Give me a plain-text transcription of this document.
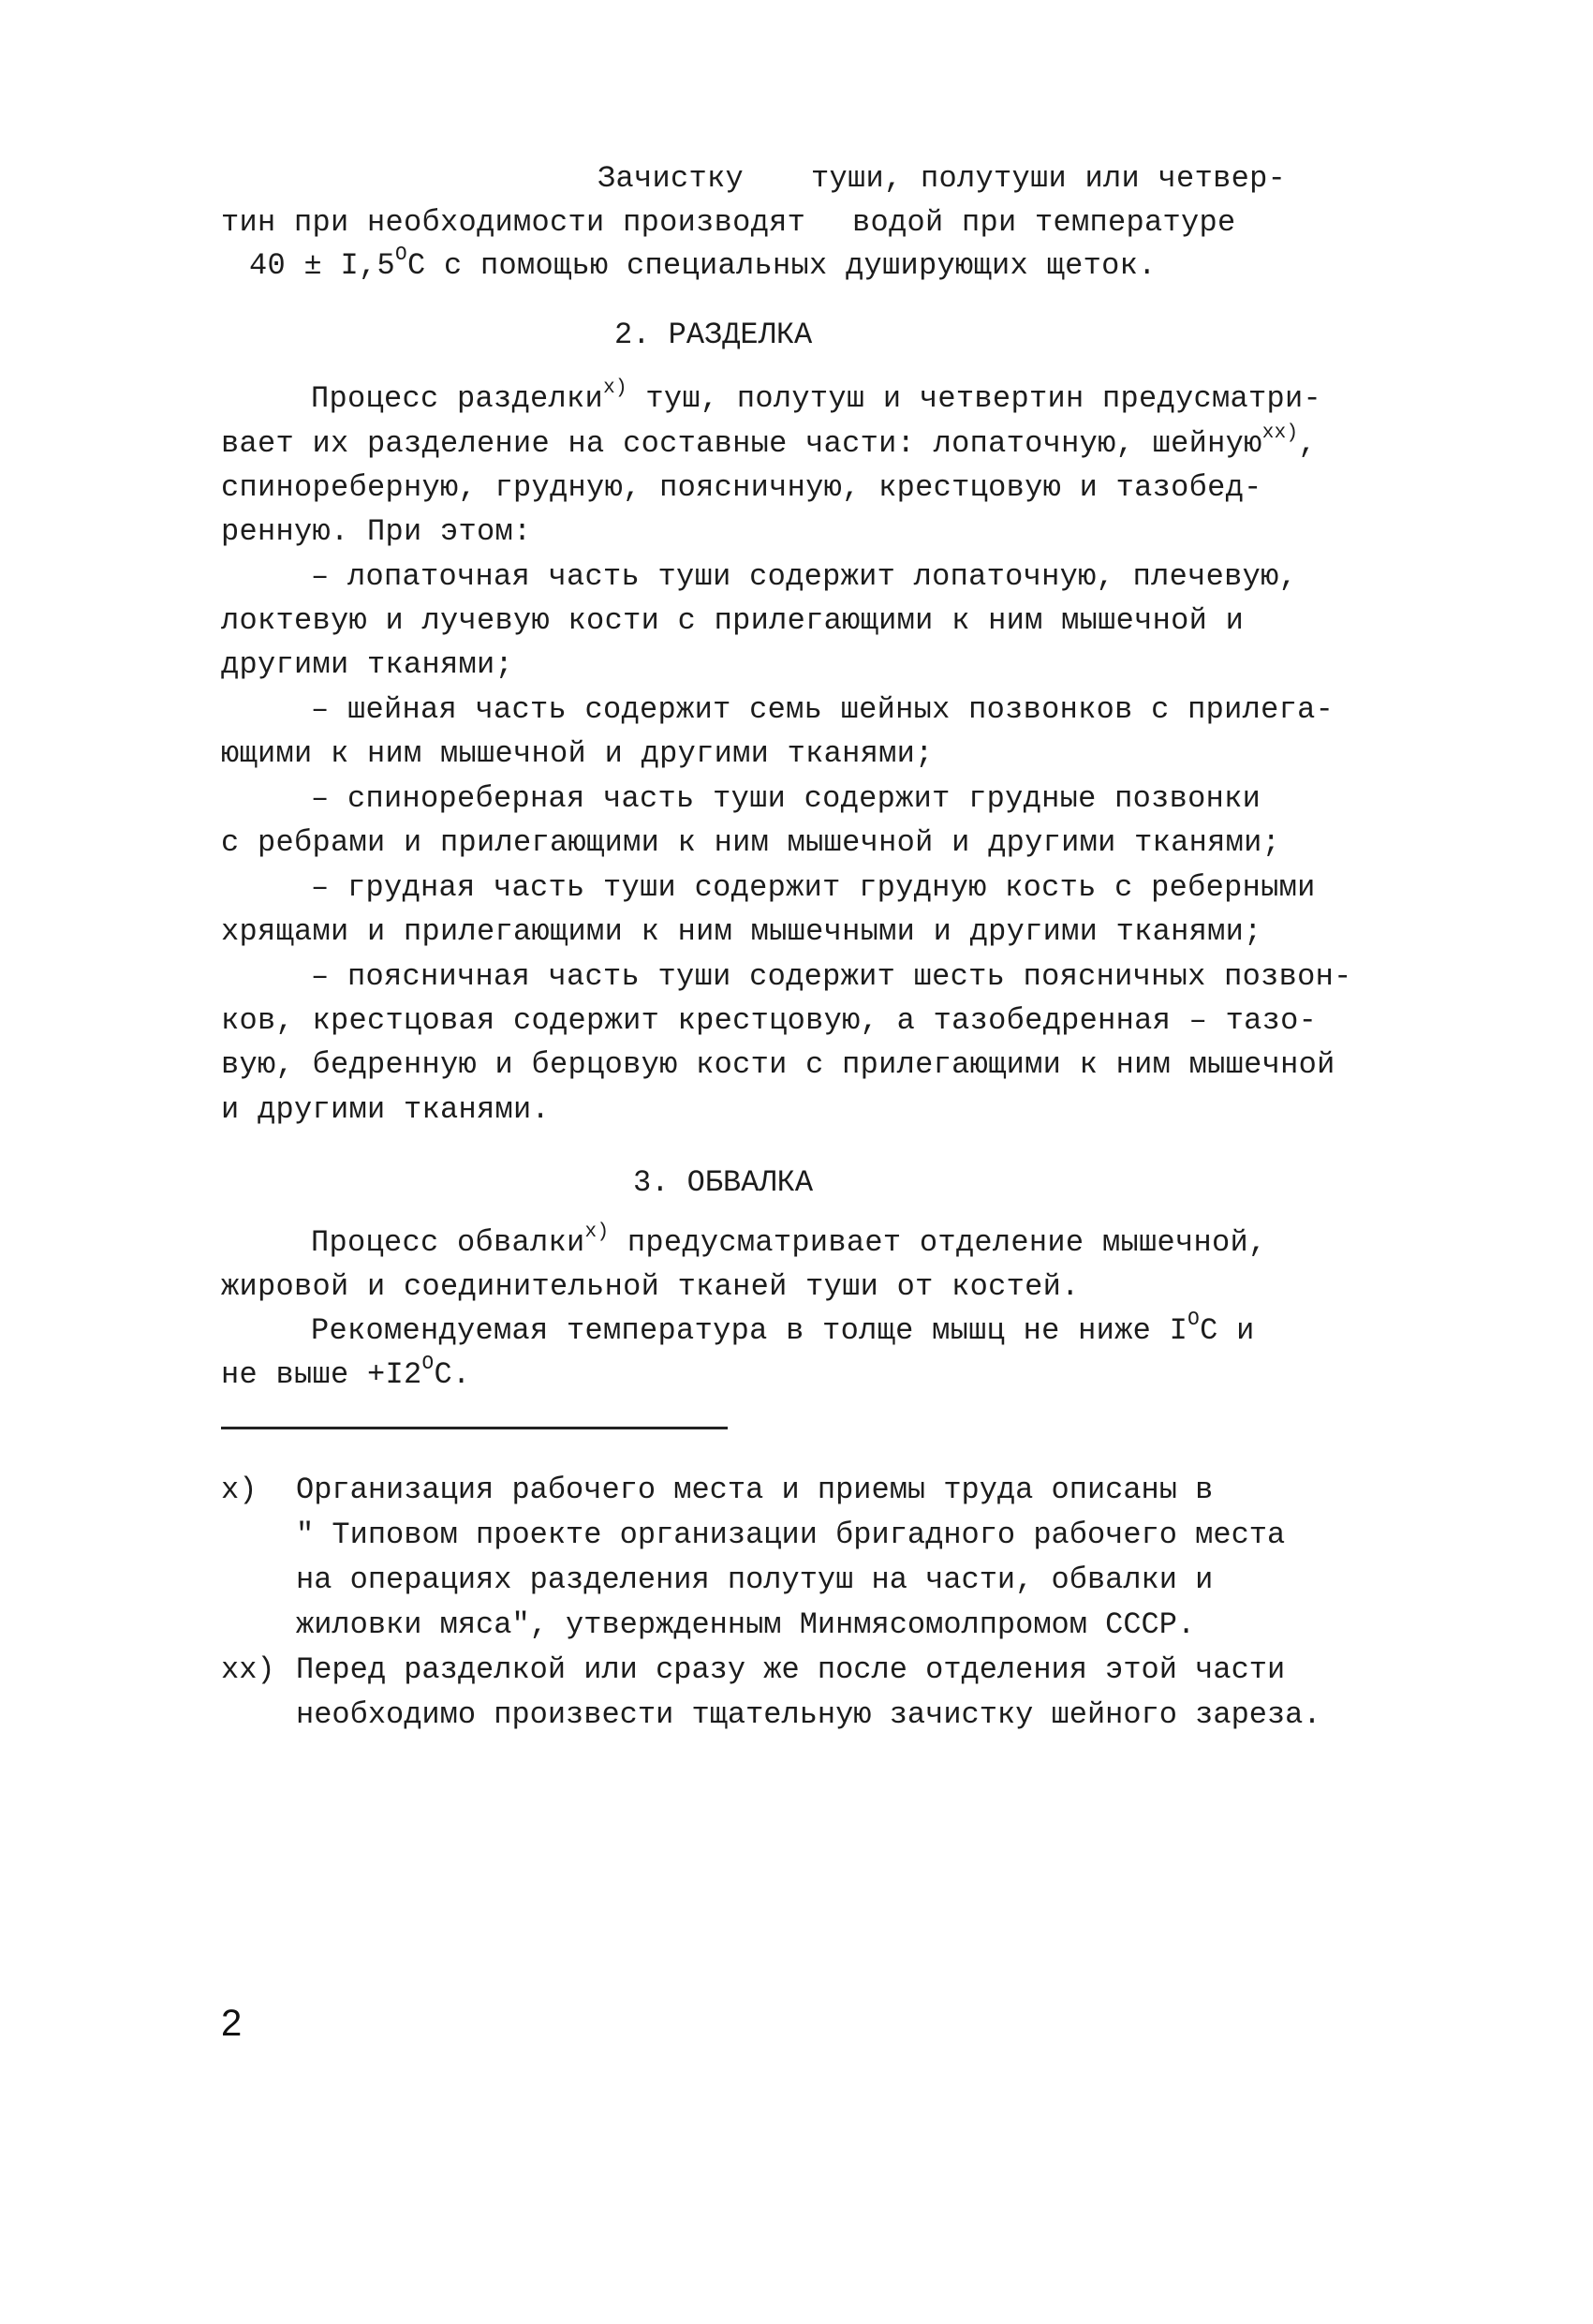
Зачистку туши, полутуши или четвер-
тин при необходимости производят водой при температуре
$40 \pm I,5^ОС$ с помощью специальных душирующих щеток.
2. РАЗДЕЛКА
Процесс разделки$^{х)}$ туш, полутуш и четвертин предусматри-
вает их разделение на составные части: лопаточную, шейную$^{хх)}$,
спинореберную, грудную, поясничную, крестцовую и тазобед-
ренную. При этом:
– лопаточная часть туши содержит лопаточную, плечевую,
локтевую и лучевую кости с прилегающими к ним мышечной и
другими тканями;
– шейная часть содержит семь шейных позвонков с прилега-
ющими к ним мышечной и другими тканями;
– спинореберная часть туши содержит грудные позвонки
с ребрами и прилегающими к ним мышечной и другими тканями;
– грудная часть туши содержит грудную кость с реберными
хрящами и прилегающими к ним мышечными и другими тканями;
– поясничная часть туши содержит шесть поясничных позвон-
ков, крестцовая содержит крестцовую, а тазобедренная – тазо-
вую, бедренную и берцовую кости с прилегающими к ним мышечной
и другими тканями.
3. ОБВАЛКА
Процесс обвалки$^{х)}$ предусматривает отделение мышечной,
жировой и соединительной тканей туши от костей.
Рекомендуемая температура в толще мышц не ниже $I^ОС$ и
не выше $+I2^ОС$.
х) Организация рабочего места и приемы труда описаны в
" Типовом проекте организации бригадного рабочего места
на операциях разделения полутуш на части, обвалки и
жиловки мяса", утвержденным Минмясомолпромом СССР.
хх) Перед разделкой или сразу же после отделения этой части
необходимо произвести тщательную зачистку шейного зареза.
2
